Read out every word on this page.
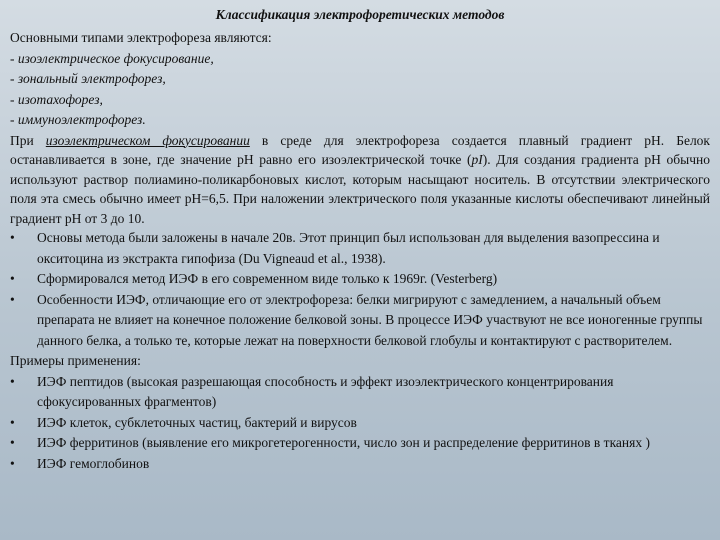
Классификация электрофоретических методов
Основными типами электрофореза являются:
- изоэлектрическое фокусирование,
- зональный электрофорез,
- изотахофорез,
- иммуноэлектрофорез.

При изоэлектрическом фокусировании в среде для электрофореза создается плавный градиент рН. Белок останавливается в зоне, где значение рН равно его изоэлектрической точке (pI). Для создания градиента рН обычно используют раствор полиамино-поликарбоновых кислот, которым насыщают носитель. В отсутствии электрического поля эта смесь обычно имеет рН=6,5. При наложении электрического поля указанные кислоты обеспечивают линейный градиент рН от 3 до 10.

•	Основы метода были заложены в начале 20в. Этот принцип был использован для выделения вазопрессина и окситоцина из экстракта гипофиза (Du Vigneaud et al., 1938).
•	Сформировался метод ИЭФ в его современном виде только к 1969г. (Vesterberg)
•	Особенности ИЭФ, отличающие его от электрофореза: белки мигрируют с замедлением, а начальный объем препарата не влияет на конечное положение белковой зоны. В процессе ИЭФ участвуют не все ионогенные группы данного белка, а только те, которые лежат на поверхности белковой глобулы и контактируют с растворителем.
Примеры применения:
•	ИЭФ пептидов (высокая разрешающая способность и эффект изоэлектрического концентрирования сфокусированных фрагментов)
•	ИЭФ клеток, субклеточных частиц, бактерий и вирусов
•	ИЭФ ферритинов (выявление его микрогетерогенности, число зон и распределение ферритинов в тканях )
•	ИЭФ гемоглобинов
